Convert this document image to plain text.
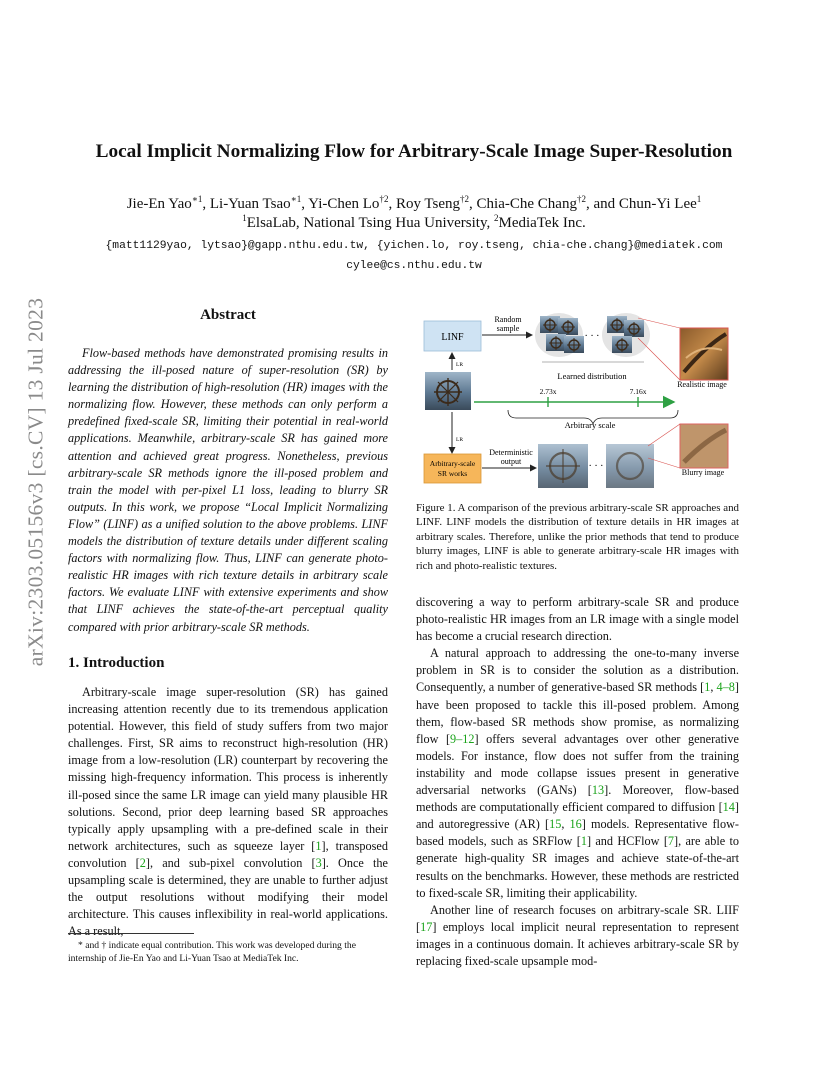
arXiv:2303.05156v3 [cs.CV] 13 Jul 2023
Local Implicit Normalizing Flow for Arbitrary-Scale Image Super-Resolution
Jie-En Yao$^{∗1}$, Li-Yuan Tsao$^{∗1}$, Yi-Chen Lo$^{\dagger 2}$, Roy Tseng$^{\dagger 2}$, Chia-Che Chang$^{\dagger 2}$, and Chun-Yi Lee$^1$
$^1$ElsaLab, National Tsing Hua University, $^2$MediaTek Inc.
{matt1129yao, lytsao}@gapp.nthu.edu.tw, {yichen.lo, roy.tseng, chia-che.chang}@mediatek.com
cylee@cs.nthu.edu.tw
Abstract

Flow-based methods have demonstrated promising results in addressing the ill-posed nature of super-resolution (SR) by learning the distribution of high-resolution (HR) images with the normalizing flow. However, these methods can only perform a predefined fixed-scale SR, limiting their potential in real-world applications. Meanwhile, arbitrary-scale SR has gained more attention and achieved great progress. Nonetheless, previous arbitrary-scale SR methods ignore the ill-posed problem and train the model with per-pixel L1 loss, leading to blurry SR outputs. In this work, we propose “Local Implicit Normalizing Flow” (LINF) as a unified solution to the above problems. LINF models the distribution of texture details under different scaling factors with normalizing flow. Thus, LINF can generate photo-realistic HR images with rich texture details in arbitrary scale factors. We evaluate LINF with extensive experiments and show that LINF achieves the state-of-the-art perceptual quality compared with prior arbitrary-scale SR methods.

1. Introduction

Arbitrary-scale image super-resolution (SR) has gained increasing attention recently due to its tremendous application potential. However, this field of study suffers from two major challenges. First, SR aims to reconstruct high-resolution (HR) image from a low-resolution (LR) counterpart by recovering the missing high-frequency information. This process is inherently ill-posed since the same LR image can yield many plausible HR solutions. Second, prior deep learning based SR approaches typically apply upsampling with a pre-defined scale in their network architectures, such as squeeze layer [1], transposed convolution [2], and sub-pixel convolution [3]. Once the upsampling scale is determined, they are unable to further adjust the output resolutions without modifying their model architecture. This causes inflexibility in real-world applications. As a result,

* and † indicate equal contribution. This work was developed during the internship of Jie-En Yao and Li-Yuan Tsao at MediaTek Inc.
LINF
Random
sample
· · ·
Learned distribution
Realistic image
LR
LR
2.73x	7.16x
Arbitrary scale
Arbitrary-scale
SR works
Deterministic
output	· · ·
Blurry image
Figure 1. A comparison of the previous arbitrary-scale SR approaches and LINF. LINF models the distribution of texture details in HR images at arbitrary scales. Therefore, unlike the prior methods that tend to produce blurry images, LINF is able to generate arbitrary-scale HR images with rich and photo-realistic textures.

discovering a way to perform arbitrary-scale SR and produce photo-realistic HR images from an LR image with a single model has become a crucial research direction.

A natural approach to addressing the one-to-many inverse problem in SR is to consider the solution as a distribution. Consequently, a number of generative-based SR methods [1, 4–8] have been proposed to tackle this ill-posed problem. Among them, flow-based SR methods show promise, as normalizing flow [9–12] offers several advantages over other generative models. For instance, flow does not suffer from the training instability and mode collapse issues present in generative adversarial networks (GANs) [13]. Moreover, flow-based methods are computationally efficient compared to diffusion [14] and autoregressive (AR) [15, 16] models. Representative flow-based models, such as SRFlow [1] and HCFlow [7], are able to generate high-quality SR images and achieve state-of-the-art results on the benchmarks. However, these methods are restricted to fixed-scale SR, limiting their applicability.

Another line of research focuses on arbitrary-scale SR. LIIF [17] employs local implicit neural representation to represent images in a continuous domain. It achieves arbitrary-scale SR by replacing fixed-scale upsample mod-
